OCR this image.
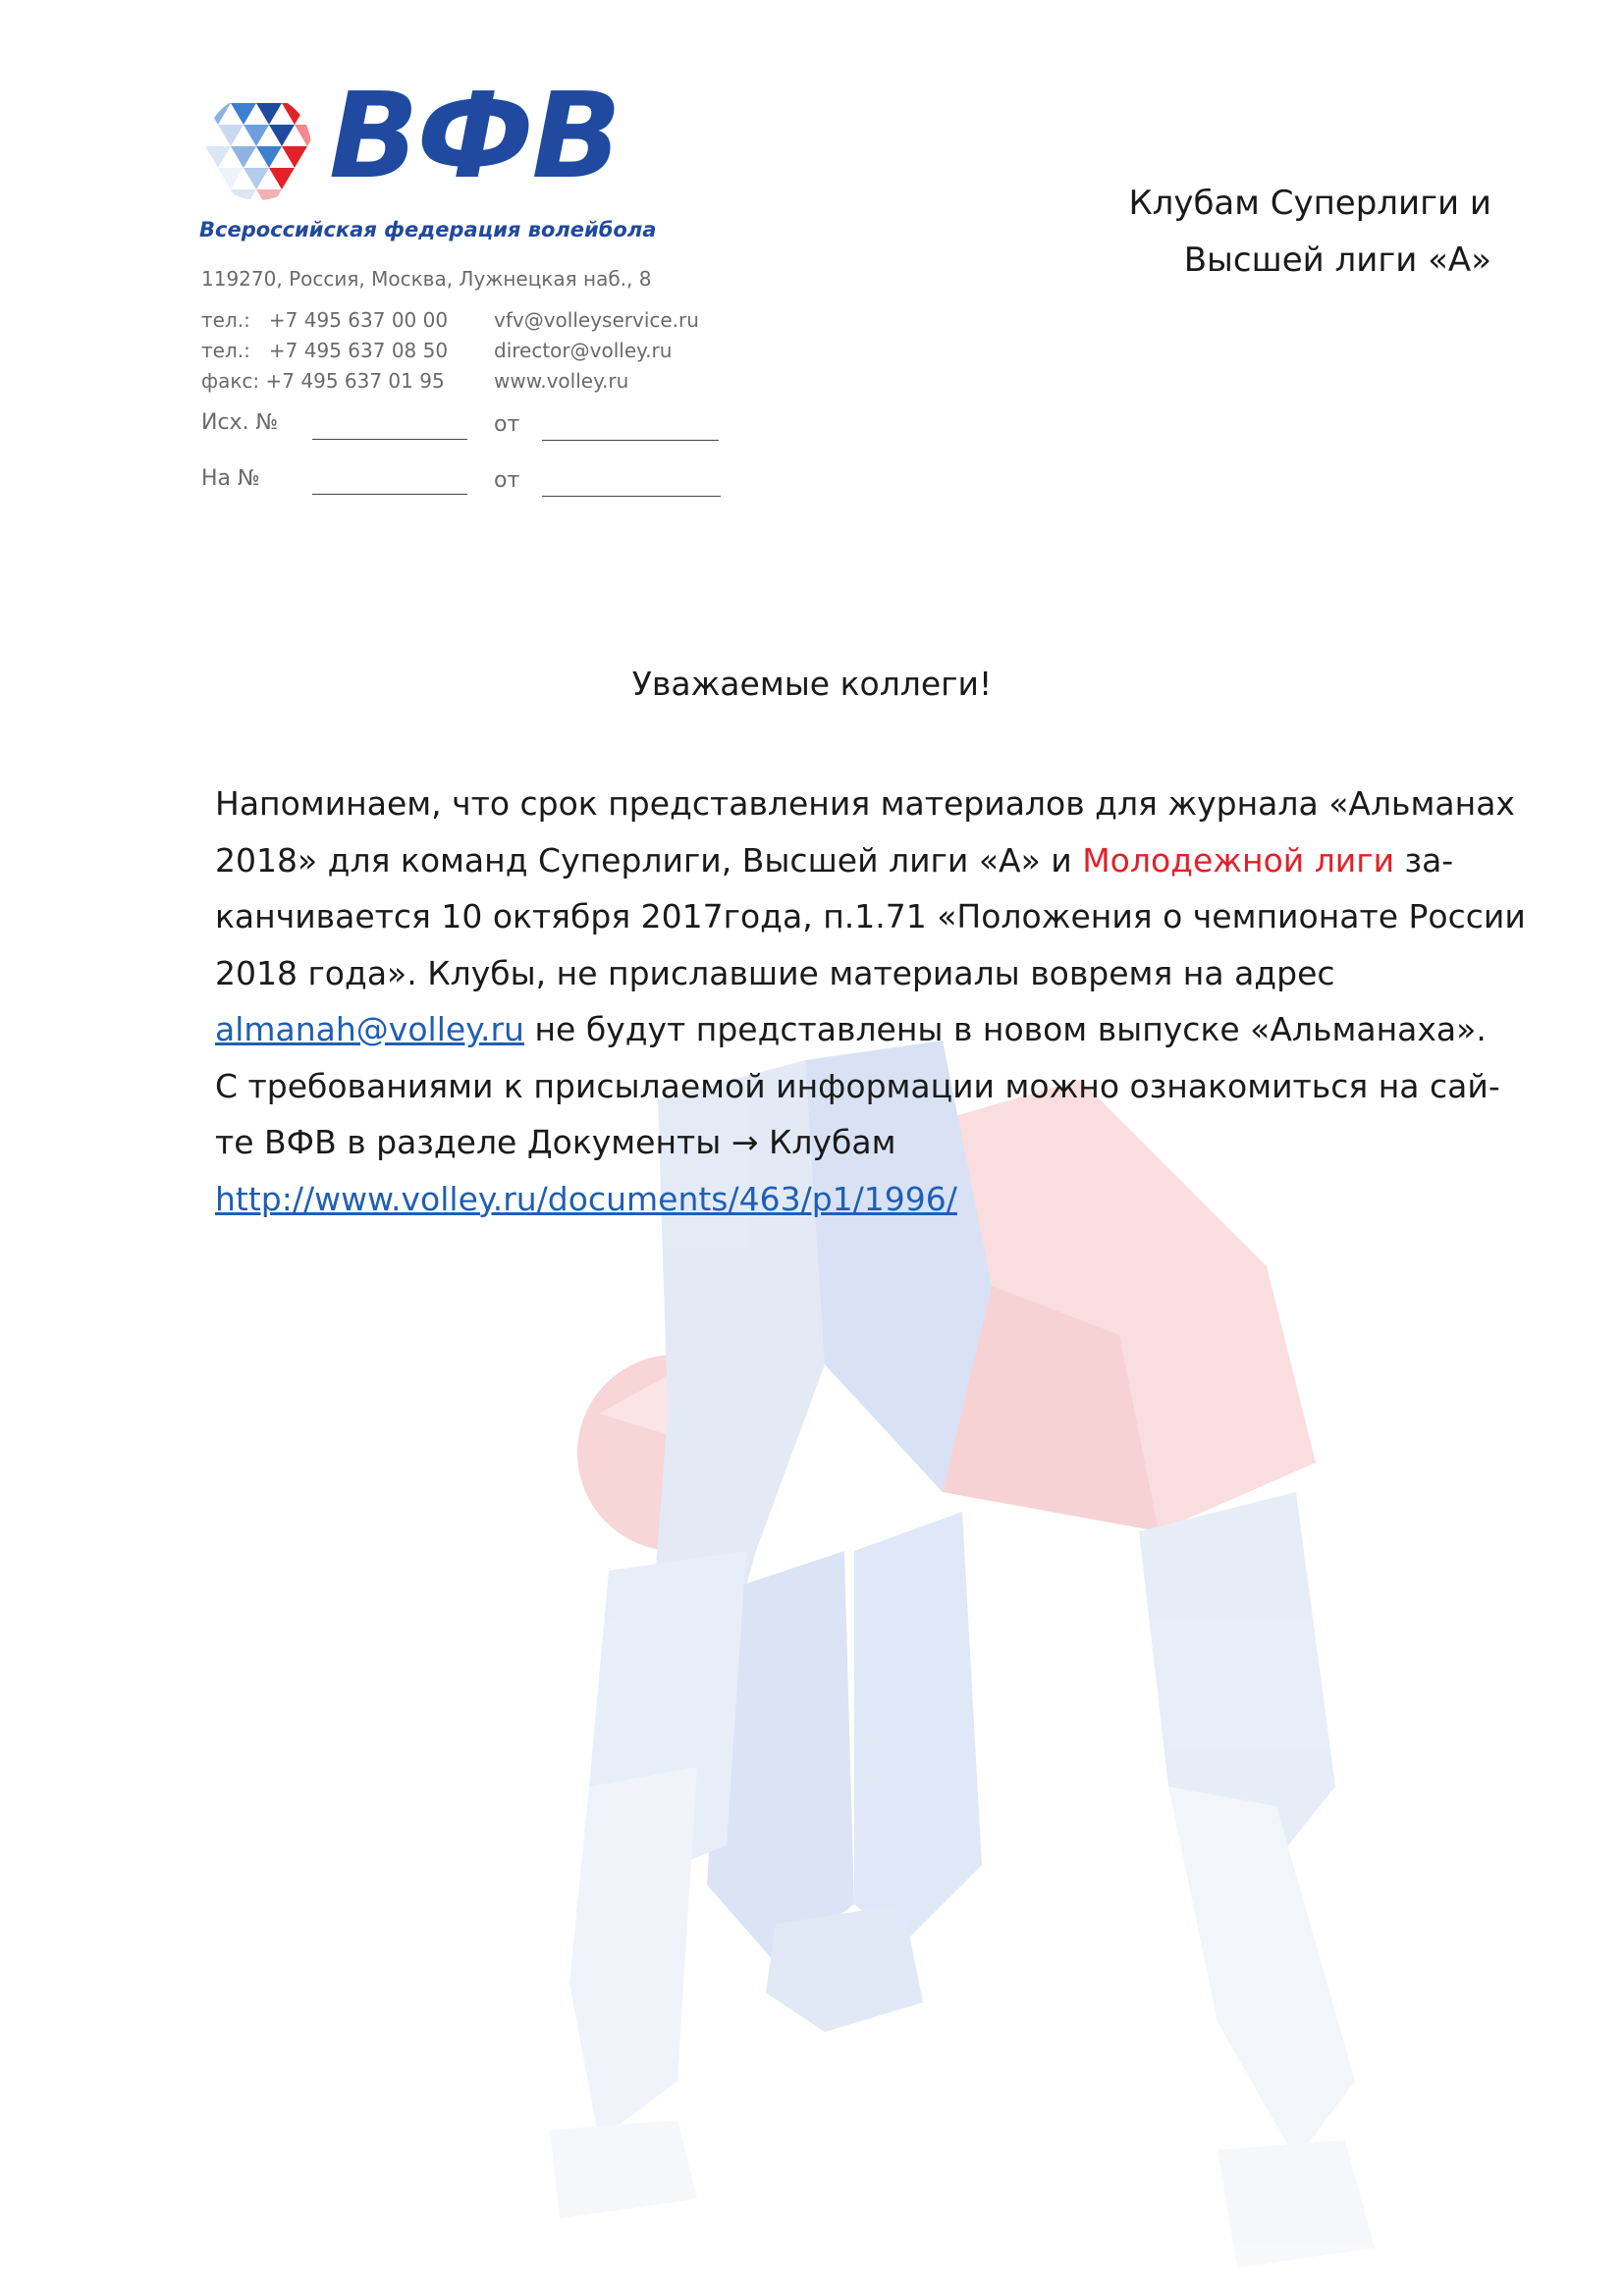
ВФВ
Всероссийская федерация волейбола
119270, Россия, Москва, Лужнецкая наб., 8
тел.: +7 495 637 00 00 vfv@volleyservice.ru
тел.: +7 495 637 08 50 director@volley.ru
факс: +7 495 637 01 95	www.volley.ru
Исх. №	от
На №	от
Клубам Суперлиги и
Высшей лиги «А»
Уважаемые коллеги!
Напоминаем, что срок представления материалов для журнала «Альманах
2018» для команд Суперлиги, Высшей лиги «А» и Молодежной лиги за-
канчивается 10 октября 2017года, п.1.71 «Положения о чемпионате России
2018 года». Клубы, не приславшие материалы вовремя на адрес
almanah@volley.ru не будут представлены в новом выпуске «Альманаха».
С требованиями к присылаемой информации можно ознакомиться на сай-
те ВФВ в разделе Документы → Клубам
http://www.volley.ru/documents/463/p1/1996/
